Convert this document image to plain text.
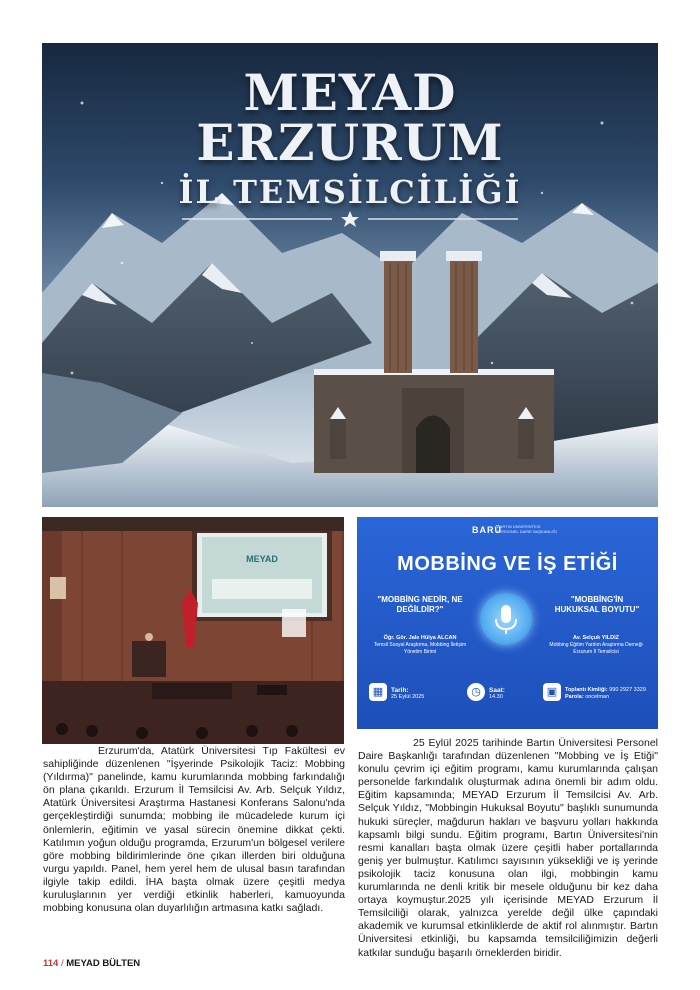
MEYAD
ERZURUM
İL TEMSİLCİLİĞİ
MEYAD
BARÜ
BARTIN ÜNİVERSİTESİ PERSONEL DAİRE BAŞKANLIĞI
MOBBİNG VE İŞ ETİĞİ
"MOBBİNG NEDİR, NE DEĞİLDİR?"
"MOBBİNG'İN HUKUKSAL BOYUTU"
Öğr. Gör. Jale Hülya ALCAN
Temsil Sosyal Araştırma, Mobbing İletişim Yönetim Birimi
Av. Selçuk YILDIZ
Mobbing Eğitim Yardım Araştırma Derneği Erzurum İl Temsilcisi
▦	Tarih:
25 Eylül 2025	◷	Saat:
14.30	▣	Toplantı Kimliği: 990 2927 3329
Parola: oncelman

Erzurum'da, Atatürk Üniversitesi Tıp Fakültesi ev sahipliğinde düzenlenen "İşyerinde Psikolojik Taciz: Mobbing (Yıldırma)" panelinde, kamu kurumlarında mobbing farkındalığı ön plana çıkarıldı. Erzurum İl Temsilcisi Av. Arb. Selçuk Yıldız, Atatürk Üniversitesi Araştırma Hastanesi Konferans Salonu'nda gerçekleştirdiği sunumda; mobbing ile mücadelede kurum içi önlemlerin, eğitimin ve yasal sürecin önemine dikkat çekti. Katılımın yoğun olduğu programda, Erzurum'un bölgesel verilere göre mobbing bildirimlerinde öne çıkan illerden biri olduğuna vurgu yapıldı. Panel, hem yerel hem de ulusal basın tarafından ilgiyle takip edildi. İHA başta olmak üzere çeşitli medya kuruluşlarının yer verdiği etkinlik haberleri, kamuoyunda mobbing konusuna olan duyarlılığın artmasına katkı sağladı.

25 Eylül 2025 tarihinde Bartın Üniversitesi Personel Daire Başkanlığı tarafından düzenlenen "Mobbing ve İş Etiği" konulu çevrim içi eğitim programı, kamu kurumlarında çalışan personelde farkındalık oluşturmak adına önemli bir adım oldu. Eğitim kapsamında; MEYAD Erzurum İl Temsilcisi Av. Arb. Selçuk Yıldız, "Mobbingin Hukuksal Boyutu" başlıklı sunumunda hukuki süreçler, mağdurun hakları ve başvuru yolları hakkında kapsamlı bilgi sundu. Eğitim programı, Bartın Üniversitesi'nin resmi kanalları başta olmak üzere çeşitli haber portallarında geniş yer bulmuştur. Katılımcı sayısının yüksekliği ve iş yerinde psikolojik taciz konusuna olan ilgi, mobbingin kamu kurumlarında ne denli kritik bir mesele olduğunu bir kez daha ortaya koymuştur.2025 yılı içerisinde MEYAD Erzurum İl Temsilciliği olarak, yalnızca yerelde değil ülke çapındaki akademik ve kurumsal etkinliklerde de aktif rol alınmıştır. Bartın Üniversitesi etkinliği, bu kapsamda temsilciliğimizin değerli katkılar sunduğu başarılı örneklerden biridir.

114 / MEYAD BÜLTEN
